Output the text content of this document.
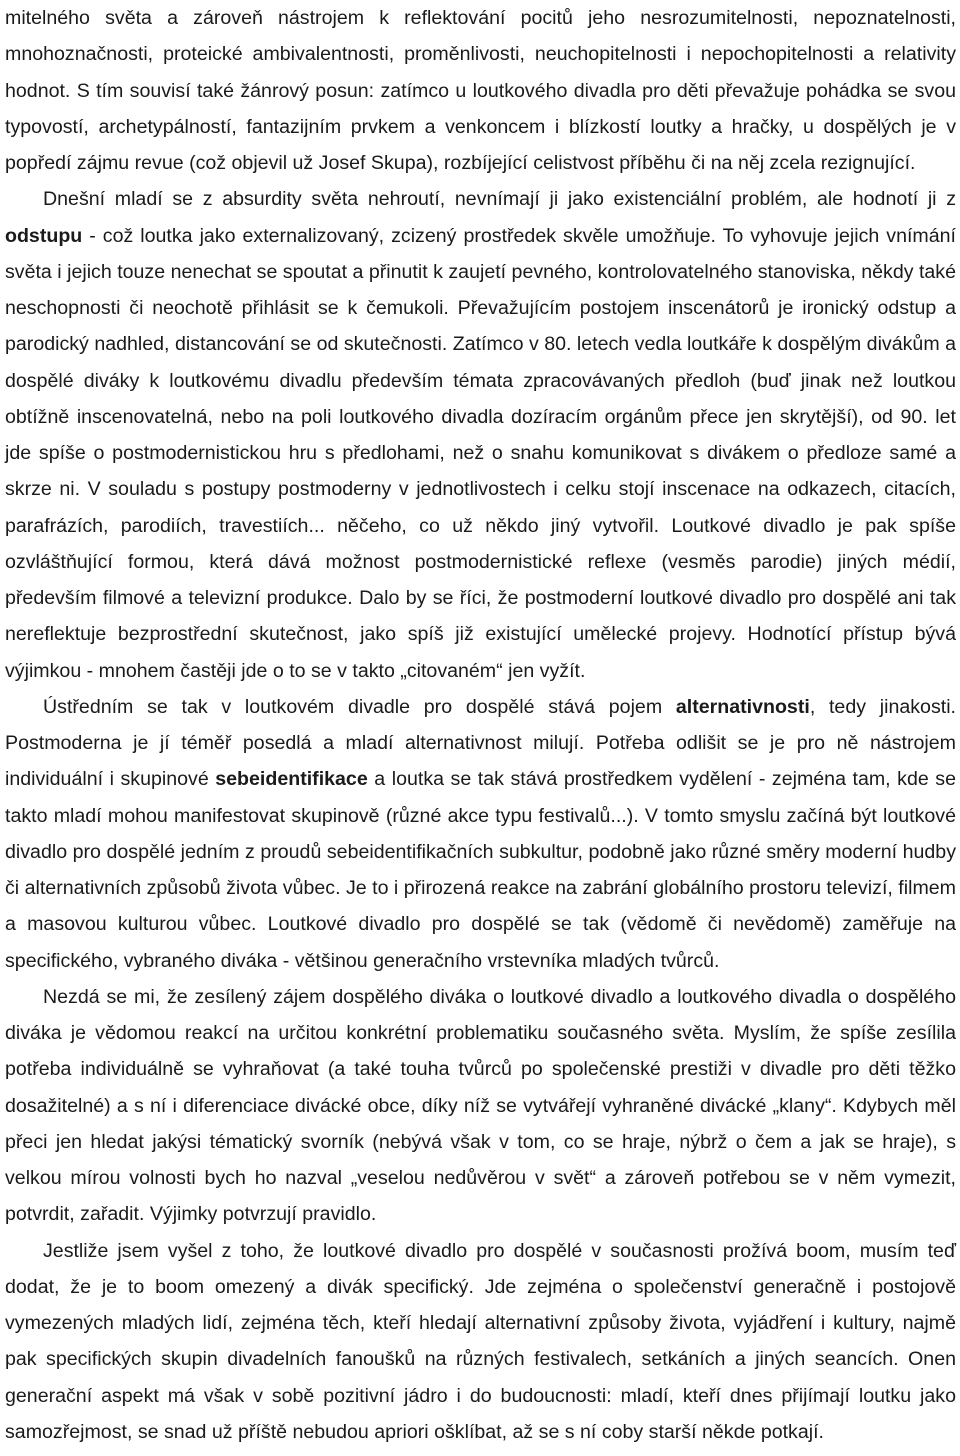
mitelného světa a zároveň nástrojem k reflektování pocitů jeho nesrozumitelnosti, nepoznatelnosti, mnohoznačnosti, proteické ambivalentnosti, proměnlivosti, neuchopitelnosti i nepochopitelnosti a relativity hodnot. S tím souvisí také žánrový posun: zatímco u loutkového divadla pro děti převažuje pohádka se svou typovostí, archetypálností, fantazijním prvkem a venkoncem i blízkostí loutky a hračky, u dospělých je v popředí zájmu revue (což objevil už Josef Skupa), rozbíjející celistvost příběhu či na něj zcela rezignující.

Dnešní mladí se z absurdity světa nehroutí, nevnímají ji jako existenciální problém, ale hodnotí ji z odstupu - což loutka jako externalizovaný, zcizený prostředek skvěle umožňuje. To vyhovuje jejich vnímání světa i jejich touze nenechat se spoutat a přinutit k zaujetí pevného, kontrolovatelného stanoviska, někdy také neschopnosti či neochotě přihlásit se k čemukoli. Převažujícím postojem inscenátorů je ironický odstup a parodický nadhled, distancování se od skutečnosti. Zatímco v 80. letech vedla loutkáře k dospělým divákům a dospělé diváky k loutkovému divadlu především témata zpracovávaných předloh (buď jinak než loutkou obtížně inscenovatelná, nebo na poli loutkového divadla dozíracím orgánům přece jen skrytější), od 90. let jde spíše o postmodernistickou hru s předlohami, než o snahu komunikovat s divákem o předloze samé a skrze ni. V souladu s postupy postmoderny v jednotlivostech i celku stojí inscenace na odkazech, citacích, parafrázích, parodiích, travestiích... něčeho, co už někdo jiný vytvořil. Loutkové divadlo je pak spíše ozvláštňující formou, která dává možnost postmodernistické reflexe (vesměs parodie) jiných médií, především filmové a televizní produkce. Dalo by se říci, že postmoderní loutkové divadlo pro dospělé ani tak nereflektuje bezprostřední skutečnost, jako spíš již existující umělecké projevy. Hodnotící přístup bývá výjimkou - mnohem častěji jde o to se v takto „citovaném“ jen vyžít.

Ústředním se tak v loutkovém divadle pro dospělé stává pojem alternativnosti, tedy jinakosti. Postmoderna je jí téměř posedlá a mladí alternativnost milují. Potřeba odlišit se je pro ně nástrojem individuální i skupinové sebeidentifikace a loutka se tak stává prostředkem vydělení - zejména tam, kde se takto mladí mohou manifestovat skupinově (různé akce typu festivalů...). V tomto smyslu začíná být loutkové divadlo pro dospělé jedním z proudů sebeidentifikačních subkultur, podobně jako různé směry moderní hudby či alternativních způsobů života vůbec. Je to i přirozená reakce na zabrání globálního prostoru televizí, filmem a masovou kulturou vůbec. Loutkové divadlo pro dospělé se tak (vědomě či nevědomě) zaměřuje na specifického, vybraného diváka - většinou generačního vrstevníka mladých tvůrců.

Nezdá se mi, že zesílený zájem dospělého diváka o loutkové divadlo a loutkového divadla o dospělého diváka je vědomou reakcí na určitou konkrétní problematiku současného světa. Myslím, že spíše zesílila potřeba individuálně se vyhraňovat (a také touha tvůrců po společenské prestiži v divadle pro děti těžko dosažitelné) a s ní i diferenciace divácké obce, díky níž se vytvářejí vyhraněné divácké „klany“. Kdybych měl přeci jen hledat jakýsi tématický svorník (nebývá však v tom, co se hraje, nýbrž o čem a jak se hraje), s velkou mírou volnosti bych ho nazval „veselou nedůvěrou v svět“ a zároveň potřebou se v něm vymezit, potvrdit, zařadit. Výjimky potvrzují pravidlo.

Jestliže jsem vyšel z toho, že loutkové divadlo pro dospělé v současnosti prožívá boom, musím teď dodat, že je to boom omezený a divák specifický. Jde zejména o společenství generačně i postojově vymezených mladých lidí, zejména těch, kteří hledají alternativní způsoby života, vyjádření i kultury, najmě pak specifických skupin divadelních fanoušků na různých festivalech, setkáních a jiných seancích. Onen generační aspekt má však v sobě pozitivní jádro i do budoucnosti: mladí, kteří dnes přijímají loutku jako samozřejmost, se snad už příště nebudou apriori ošklíbat, až se s ní coby starší někde potkají.
